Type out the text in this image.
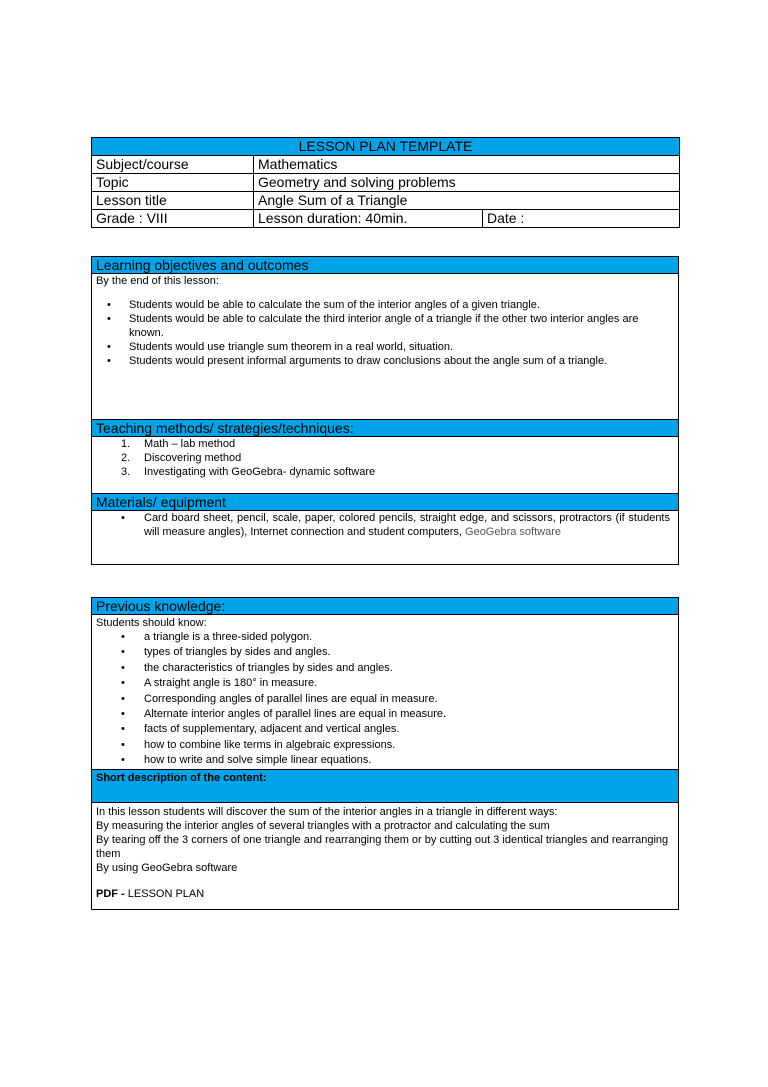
LESSON PLAN TEMPLATE		
Subject/course	Mathematics	
Topic	Geometry and solving problems	
Lesson title	Angle Sum of a Triangle	
Grade : VIII	Lesson duration: 40min.	Date :
Learning objectives and outcomes

By the end of this lesson:
• Students would be able to calculate the sum of the interior angles of a given triangle.
• Students would be able to calculate the third interior angle of a triangle if the other two interior angles are known.
• Students would use triangle sum theorem in a real world, situation.
• Students would present informal arguments to draw conclusions about the angle sum of a triangle.

Teaching methods/ strategies/techniques:

1. Math – lab method
2. Discovering method
3. Investigating with GeoGebra- dynamic software

Materials/ equipment

• Card board sheet, pencil, scale, paper, colored pencils, straight edge, and scissors, protractors (if students will measure angles), Internet connection and student computers, GeoGebra software
Previous knowledge:

Students should know:
• a triangle is a three-sided polygon.
• types of triangles by sides and angles.
• the characteristics of triangles by sides and angles.
• A straight angle is 180° in measure.
• Corresponding angles of parallel lines are equal in measure.
• Alternate interior angles of parallel lines are equal in measure.
• facts of supplementary, adjacent and vertical angles.
• how to combine like terms in algebraic expressions.
• how to write and solve simple linear equations.

Short description of the content:

In this lesson students will discover the sum of the interior angles in a triangle in different ways:
By measuring the interior angles of several triangles with a protractor and calculating the sum
By tearing off the 3 corners of one triangle and rearranging them or by cutting out 3 identical triangles and rearranging them
By using GeoGebra software
PDF - LESSON PLAN
